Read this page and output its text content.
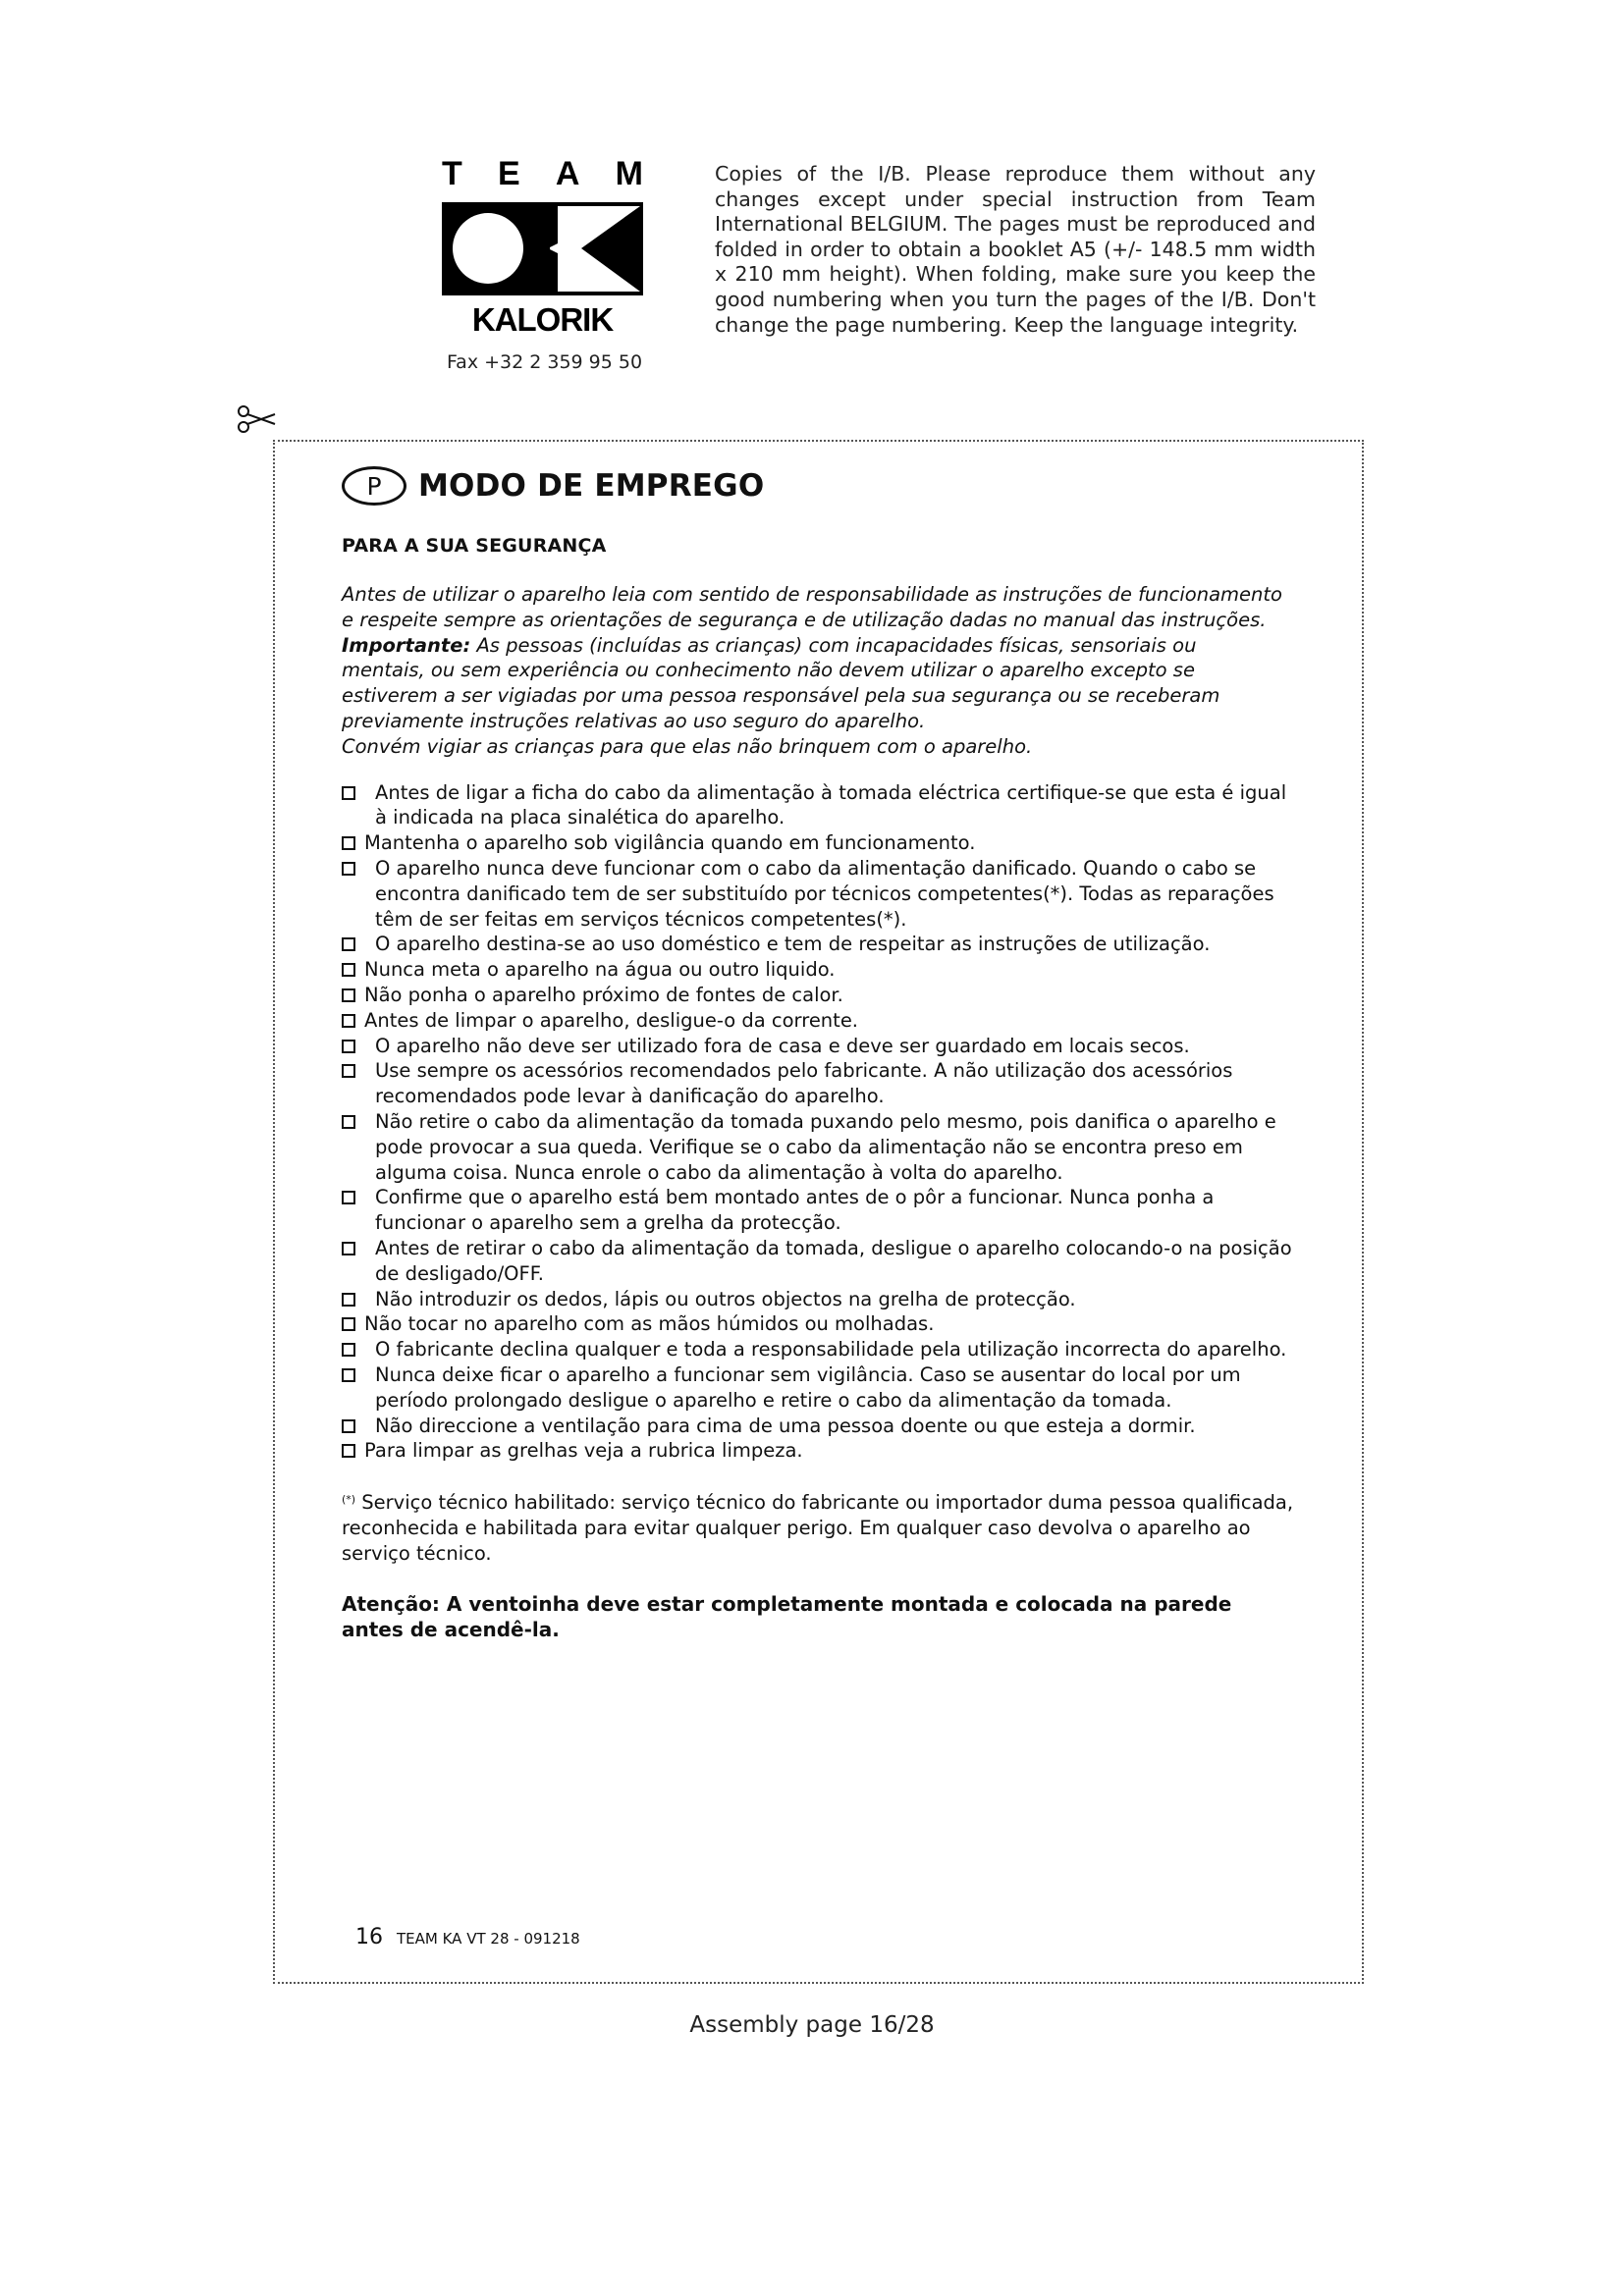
T E A M
KALORIK
Fax +32 2 359 95 50
Copies of the I/B. Please reproduce them without any changes except under special instruction from Team International BELGIUM. The pages must be reproduced and folded in order to obtain a booklet A5 (+/- 148.5 mm width x 210 mm height). When folding, make sure you keep the good numbering when you turn the pages of the I/B. Don't change the page numbering. Keep the language integrity.
P	MODO DE EMPREGO
PARA A SUA SEGURANÇA

Antes de utilizar o aparelho leia com sentido de responsabilidade as instruções de funcionamento e respeite sempre as orientações de segurança e de utilização dadas no manual das instruções.

Importante: As pessoas (incluídas as crianças) com incapacidades físicas, sensoriais ou mentais, ou sem experiência ou conhecimento não devem utilizar o aparelho excepto se estiverem a ser vigiadas por uma pessoa responsável pela sua segurança ou se receberam previamente instruções relativas ao uso seguro do aparelho.

Convém vigiar as crianças para que elas não brinquem com o aparelho.

Antes de ligar a ficha do cabo da alimentação à tomada eléctrica certifique-se que esta é igual à indicada na placa sinalética do aparelho.
Mantenha o aparelho sob vigilância quando em funcionamento.
O aparelho nunca deve funcionar com o cabo da alimentação danificado. Quando o cabo se encontra danificado tem de ser substituído por técnicos competentes(*). Todas as reparações têm de ser feitas em serviços técnicos competentes(*).
O aparelho destina-se ao uso doméstico e tem de respeitar as instruções de utilização.
Nunca meta o aparelho na água ou outro liquido.
Não ponha o aparelho próximo de fontes de calor.
Antes de limpar o aparelho, desligue-o da corrente.
O aparelho não deve ser utilizado fora de casa e deve ser guardado em locais secos.
Use sempre os acessórios recomendados pelo fabricante. A não utilização dos acessórios recomendados pode levar à danificação do aparelho.
Não retire o cabo da alimentação da tomada puxando pelo mesmo, pois danifica o aparelho e pode provocar a sua queda. Verifique se o cabo da alimentação não se encontra preso em alguma coisa. Nunca enrole o cabo da alimentação à volta do aparelho.
Confirme que o aparelho está bem montado antes de o pôr a funcionar. Nunca ponha a funcionar o aparelho sem a grelha da protecção.
Antes de retirar o cabo da alimentação da tomada, desligue o aparelho colocando-o na posição de desligado/OFF.
Não introduzir os dedos, lápis ou outros objectos na grelha de protecção.
Não tocar no aparelho com as mãos húmidos ou molhadas.
O fabricante declina qualquer e toda a responsabilidade pela utilização incorrecta do aparelho.
Nunca deixe ficar o aparelho a funcionar sem vigilância. Caso se ausentar do local por um período prolongado desligue o aparelho e retire o cabo da alimentação da tomada.
Não direccione a ventilação para cima de uma pessoa doente ou que esteja a dormir.
Para limpar as grelhas veja a rubrica limpeza.
(*) Serviço técnico habilitado: serviço técnico do fabricante ou importador duma pessoa qualificada, reconhecida e habilitada para evitar qualquer perigo. Em qualquer caso devolva o aparelho ao serviço técnico.
Atenção: A ventoinha deve estar completamente montada e colocada na parede antes de acendê-la.
16 TEAM KA VT 28 - 091218
Assembly page 16/28
